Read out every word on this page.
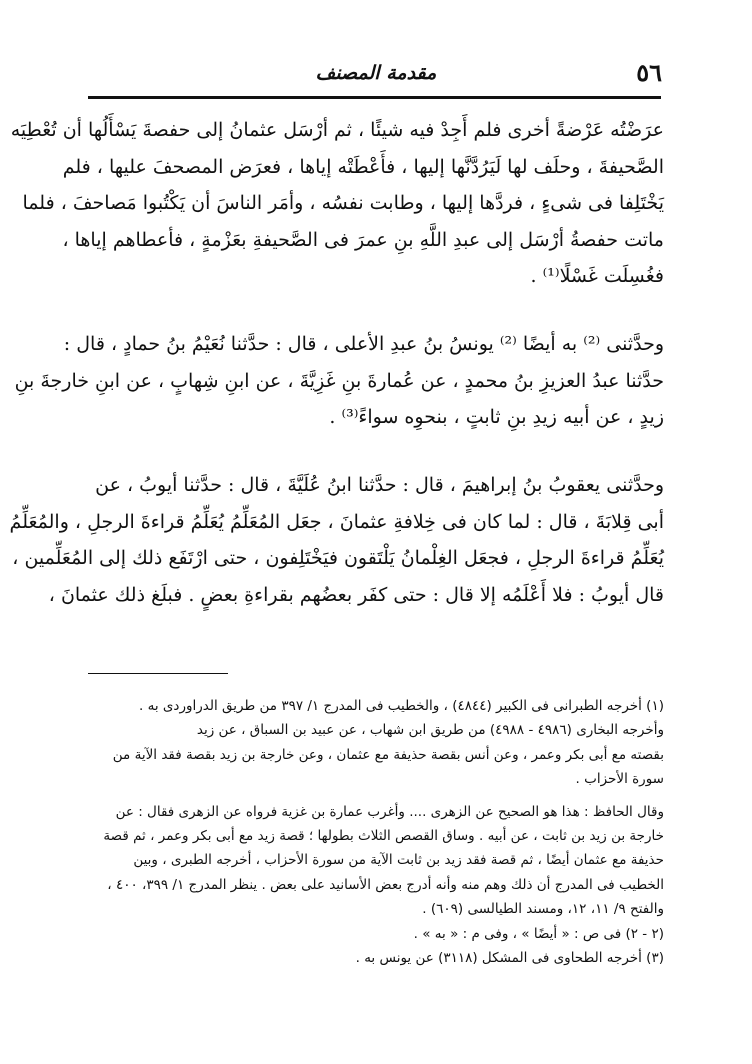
٥٦
مقدمة المصنف
عرَضْتُه عَرْضةً أخرى فلم أَجِدْ فيه شيئًا ، ثم أرْسَل عثمانُ إلى حفصةَ يَسْأَلُها أن تُعْطِيَه
الصَّحيفةَ ، وحلَف لها لَيَرُدَّنَّها إليها ، فأَعْطَتْه إياها ، فعرَض المصحفَ عليها ، فلم
يَخْتَلِفا فى شىءٍ ، فردَّها إليها ، وطابت نفسُه ، وأمَر الناسَ أن يَكْتُبوا مَصاحفَ ، فلما
ماتت حفصةُ أرْسَل إلى عبدِ اللَّهِ بنِ عمرَ فى الصَّحيفةِ بعَزْمةٍ ، فأعطاهم إياها ،
فغُسِلَت غَسْلًا⁽¹⁾ .
وحدَّثنى ⁽²⁾ به أيضًا ⁽²⁾ يونسُ بنُ عبدِ الأعلى ، قال : حدَّثنا نُعَيْمُ بنُ حمادٍ ، قال :
حدَّثنا عبدُ العزيزِ بنُ محمدٍ ، عن عُمارةَ بنِ غَزِيَّةَ ، عن ابنِ شِهابٍ ، عن ابنِ خارجةَ بنِ
زيدٍ ، عن أبيه زيدِ بنِ ثابتٍ ، بنحوِه سواءً⁽³⁾ .
وحدَّثنى يعقوبُ بنُ إبراهيمَ ، قال : حدَّثنا ابنُ عُلَيَّةَ ، قال : حدَّثنا أيوبُ ، عن
أبى قِلابَةَ ، قال : لما كان فى خِلافةِ عثمانَ ، جعَل المُعَلِّمُ يُعَلِّمُ قراءةَ الرجلِ ، والمُعَلِّمُ
يُعَلِّمُ قراءةَ الرجلِ ، فجعَل الغِلْمانُ يَلْتَقون فيَخْتَلِفون ، حتى ارْتَفَع ذلك إلى المُعَلِّمين ،
قال أيوبُ : فلا أَعْلَمُه إلا قال : حتى كفَر بعضُهم بقراءةِ بعضٍ . فبلَغ ذلك عثمانَ ،
(١) أخرجه الطبرانى فى الكبير (٤٨٤٤) ، والخطيب فى المدرج ١/ ٣٩٧ من طريق الدراوردى به .
وأخرجه البخارى (٤٩٨٦ - ٤٩٨٨) من طريق ابن شهاب ، عن عبيد بن السباق ، عن زيد
بقصته مع أبى بكر وعمر ، وعن أنس بقصة حذيفة مع عثمان ، وعن خارجة بن زيد بقصة فقد الآية من
سورة الأحزاب .
وقال الحافظ : هذا هو الصحيح عن الزهرى .... وأغرب عمارة بن غزية فرواه عن الزهرى فقال : عن
خارجة بن زيد بن ثابت ، عن أبيه . وساق القصص الثلاث بطولها ؛ قصة زيد مع أبى بكر وعمر ، ثم قصة
حذيفة مع عثمان أيضًا ، ثم قصة فقد زيد بن ثابت الآية من سورة الأحزاب ، أخرجه الطبرى ، وبين
الخطيب فى المدرج أن ذلك وهم منه وأنه أدرج بعض الأسانيد على بعض . ينظر المدرج ١/ ٣٩٩، ٤٠٠ ،
والفتح ٩/ ١١، ١٢، ومسند الطيالسى (٦٠٩) .
(٢ - ٢) فى ص : « أيضًا » ، وفى م : « به » .
(٣) أخرجه الطحاوى فى المشكل (٣١١٨) عن يونس به .
